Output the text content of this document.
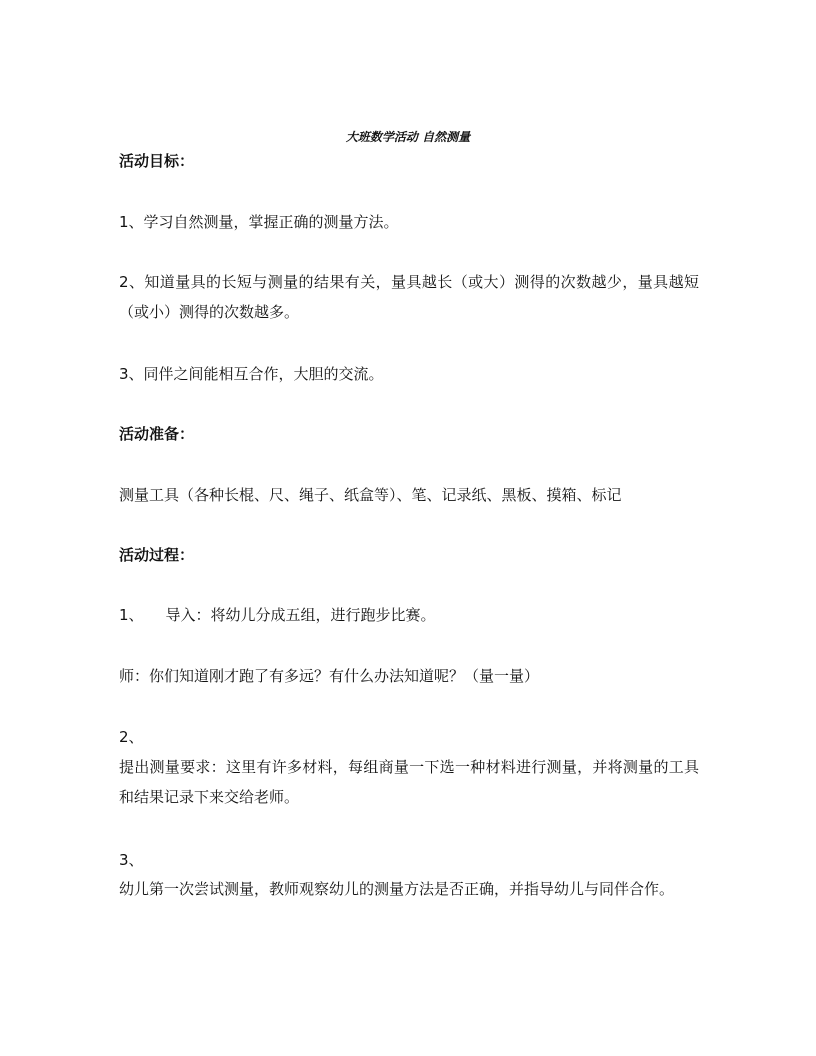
大班数学活动 自然测量
活动目标：
1、学习自然测量，掌握正确的测量方法。
2、知道量具的长短与测量的结果有关，量具越长（或大）测得的次数越少，量具越短（或小）测得的次数越多。
3、同伴之间能相互合作，大胆的交流。
活动准备：
测量工具（各种长棍、尺、绳子、纸盒等）、笔、记录纸、黑板、摸箱、标记
活动过程：
1、 导入：将幼儿分成五组，进行跑步比赛。
师：你们知道刚才跑了有多远？有什么办法知道呢？（量一量）
2、
提出测量要求：这里有许多材料，每组商量一下选一种材料进行测量，并将测量的工具和结果记录下来交给老师。
3、
幼儿第一次尝试测量，教师观察幼儿的测量方法是否正确，并指导幼儿与同伴合作。
